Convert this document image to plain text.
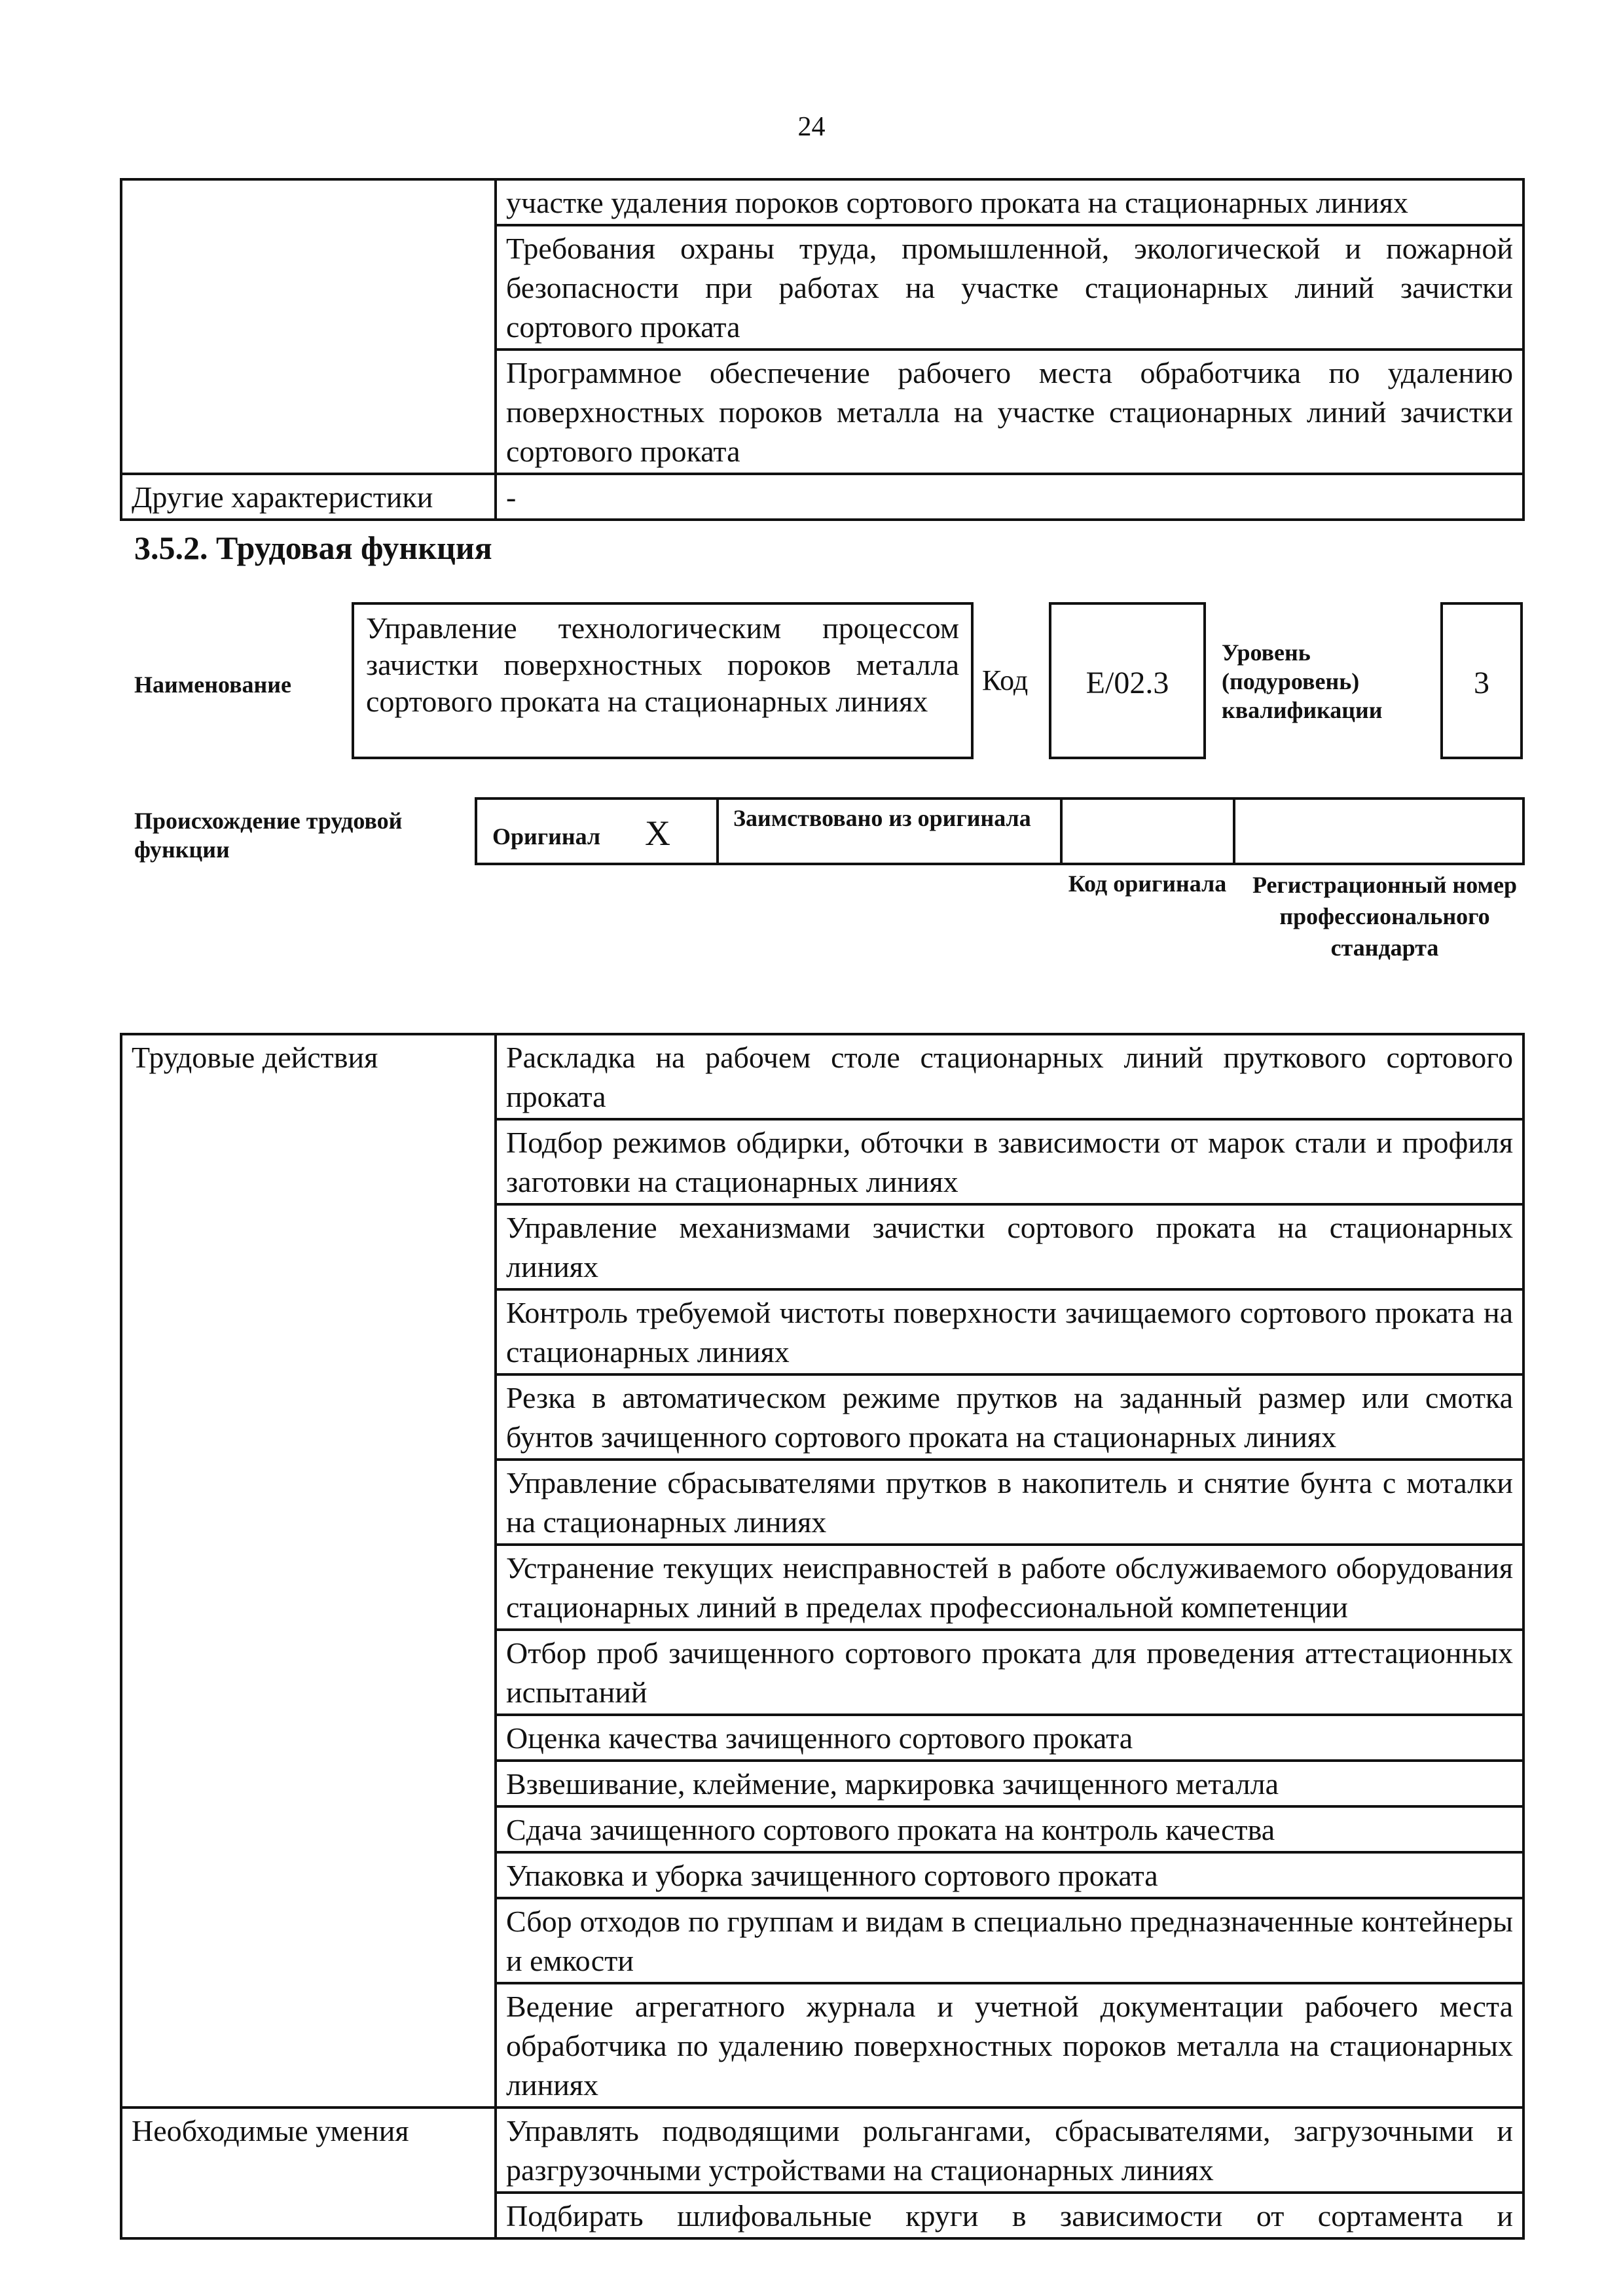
24
	участке удаления пороков сортового проката на стационарных линиях
	Требования охраны труда, промышленной, экологической и пожарной безопасности при работах на участке стационарных линий зачистки сортового проката
	Программное обеспечение рабочего места обработчика по удалению поверхностных пороков металла на участке стационарных линий зачистки сортового проката
Другие характеристики	-
3.5.2. Трудовая функция
Наименование
Управление технологическим процессом зачистки поверхностных пороков металла сортового проката на стационарных линиях
Код	E/02.3
Уровень (подуровень) квалификации
3
Происхождение трудовой функции	Оригинал X	Заимствовано из оригинала
Код оригинала Регистрационный номер профессионального стандарта
Трудовые действия	Раскладка на рабочем столе стационарных линий пруткового сортового проката
	Подбор режимов обдирки, обточки в зависимости от марок стали и профиля заготовки на стационарных линиях
	Управление механизмами зачистки сортового проката на стационарных линиях
	Контроль требуемой чистоты поверхности зачищаемого сортового проката на стационарных линиях
	Резка в автоматическом режиме прутков на заданный размер или смотка бунтов зачищенного сортового проката на стационарных линиях
	Управление сбрасывателями прутков в накопитель и снятие бунта с моталки на стационарных линиях
	Устранение текущих неисправностей в работе обслуживаемого оборудования стационарных линий в пределах профессиональной компетенции
	Отбор проб зачищенного сортового проката для проведения аттестационных испытаний
	Оценка качества зачищенного сортового проката
	Взвешивание, клеймение, маркировка зачищенного металла
	Сдача зачищенного сортового проката на контроль качества
	Упаковка и уборка зачищенного сортового проката
	Сбор отходов по группам и видам в специально предназначенные контейнеры и емкости
	Ведение агрегатного журнала и учетной документации рабочего места обработчика по удалению поверхностных пороков металла на стационарных линиях
Необходимые умения	Управлять подводящими рольгангами, сбрасывателями, загрузочными и разгрузочными устройствами на стационарных линиях
	Подбирать шлифовальные круги в зависимости от сортамента и
